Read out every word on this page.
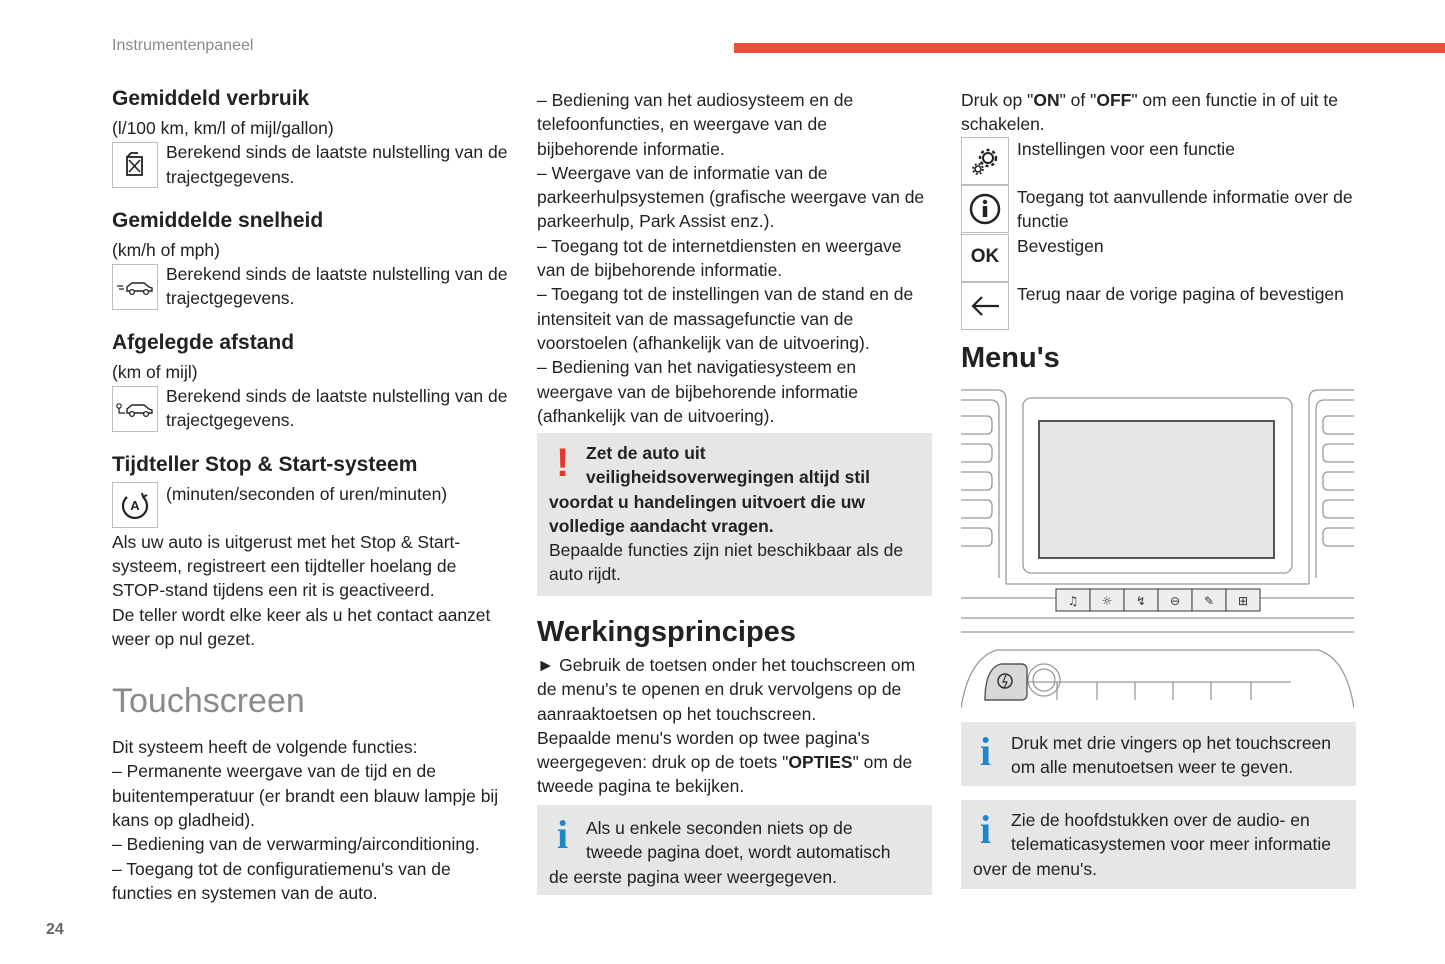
Instrumentenpaneel
24

Gemiddeld verbruik

(l/100 km, km/l of mijl/gallon)

Berekend sinds de laatste nulstelling van de trajectgegevens.

Gemiddelde snelheid

(km/h of mph)

Berekend sinds de laatste nulstelling van de trajectgegevens.

Afgelegde afstand

(km of mijl)

Berekend sinds de laatste nulstelling van de trajectgegevens.

Tijdteller Stop & Start-systeem

A

(minuten/seconden of uren/minuten)

Als uw auto is uitgerust met het Stop & Start-systeem, registreert een tijdteller hoelang de STOP-stand tijdens een rit is geactiveerd.

De teller wordt elke keer als u het contact aanzet weer op nul gezet.

Touchscreen

Dit systeem heeft de volgende functies:

– Permanente weergave van de tijd en de buitentemperatuur (er brandt een blauw lampje bij kans op gladheid).

– Bediening van de verwarming/airconditioning.

– Toegang tot de configuratiemenu's van de functies en systemen van de auto.

– Bediening van het audiosysteem en de telefoonfuncties, en weergave van de bijbehorende informatie.

– Weergave van de informatie van de parkeerhulpsystemen (grafische weergave van de parkeerhulp, Park Assist enz.).

– Toegang tot de internetdiensten en weergave van de bijbehorende informatie.

– Toegang tot de instellingen van de stand en de intensiteit van de massagefunctie van de voorstoelen (afhankelijk van de uitvoering).

– Bediening van het navigatiesysteem en weergave van de bijbehorende informatie (afhankelijk van de uitvoering).

! Zet de auto uit

veiligheidsoverwegingen altijd stil

voordat u handelingen uitvoert die uw volledige aandacht vragen.

Bepaalde functies zijn niet beschikbaar als de auto rijdt.

Werkingsprincipes

► Gebruik de toetsen onder het touchscreen om de menu's te openen en druk vervolgens op de aanraaktoetsen op het touchscreen.

Bepaalde menu's worden op twee pagina's weergegeven: druk op de toets "OPTIES" om de tweede pagina te bekijken.

i Als u enkele seconden niets op de

tweede pagina doet, wordt automatisch

de eerste pagina weer weergegeven.

Druk op "ON" of "OFF" om een functie in of uit te schakelen.

Instellingen voor een functie

Toegang tot aanvullende informatie over de functie

OK

Bevestigen

Terug naar de vorige pagina of bevestigen

Menu's

♫ ☼ ↯ ⊖ ✎ ⊞
i Druk met drie vingers op het touchscreen om alle menutoetsen weer te geven.

i Zie de hoofdstukken over de audio- en

telematicasystemen voor meer informatie

over de menu's.
